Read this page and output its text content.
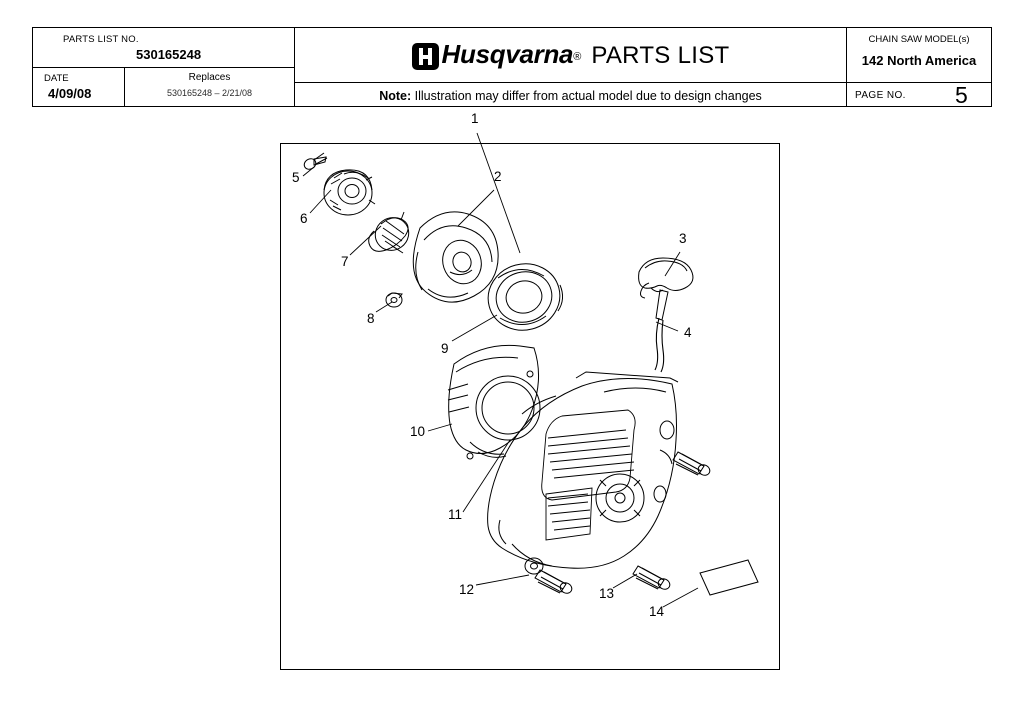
PARTS LIST NO.
530165248
DATE
4/09/08
Replaces
530165248 – 2/21/08
Husqvarna® PARTS LIST
Note: Illustration may differ from actual model due to design changes
CHAIN SAW MODEL(s)
142 North America
PAGE NO. 5
1
2
3
4
5
6
7
8
9
10
11
12	13
14
